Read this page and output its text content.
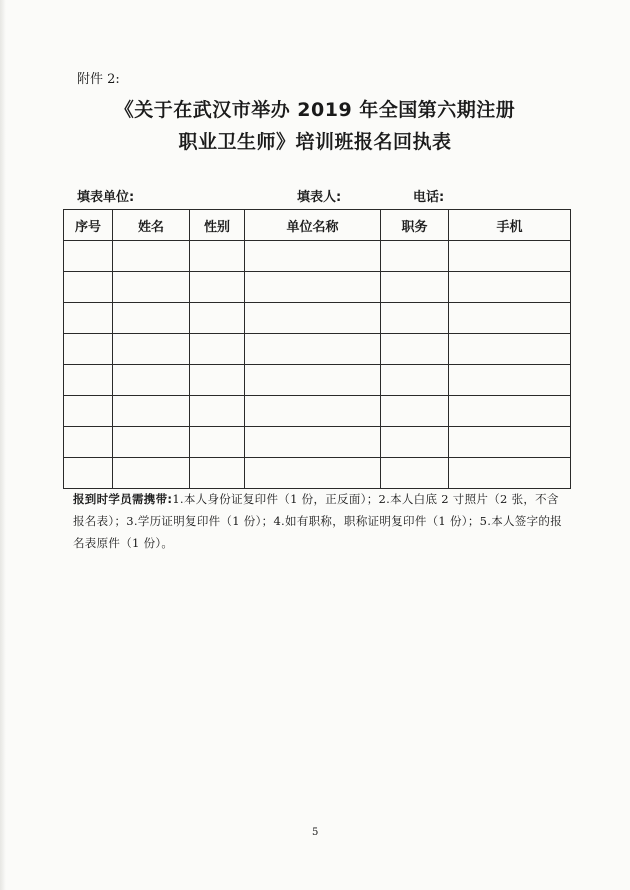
附件 2:
《关于在武汉市举办 2019 年全国第六期注册
职业卫生师》培训班报名回执表
填表单位:	填表人:	电话:
序号	姓名	性别	单位名称	职务	手机

报到时学员需携带:1.本人身份证复印件（1 份，正反面）；2.本人白底 2 寸照片（2 张，不含报名表）；3.学历证明复印件（1 份）；4.如有职称，职称证明复印件（1 份）；5.本人签字的报名表原件（1 份）。
5
